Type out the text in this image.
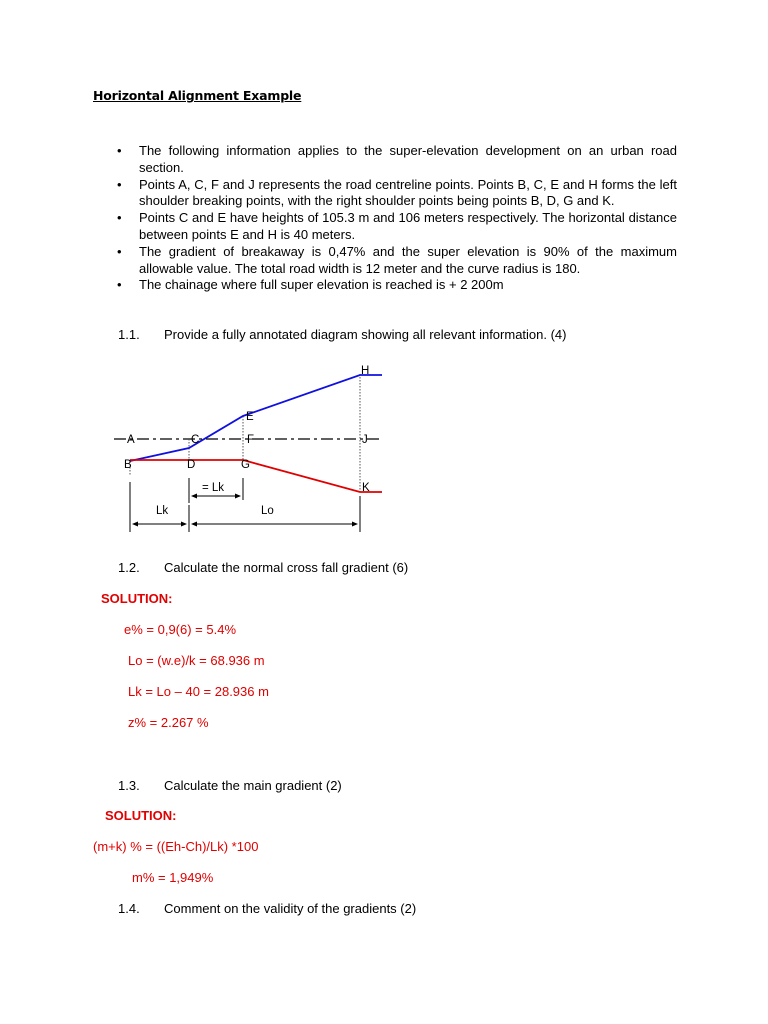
Horizontal Alignment Example
• The following information applies to the super-elevation development on an urban road section.
• Points A, C, F and J represents the road centreline points. Points B, C, E and H forms the left shoulder breaking points, with the right shoulder points being points B, D, G and K.
• Points C and E have heights of 105.3 m and 106 meters respectively. The horizontal distance between points E and H is 40 meters.
• The gradient of breakaway is 0,47% and the super elevation is 90% of the maximum allowable value. The total road width is 12 meter and the curve radius is 180.
• The chainage where full super elevation is reached is + 2 200m
1.1. Provide a fully annotated diagram showing all relevant information. (4)
A
B
C
D
E
F
G
H
J
K
= Lk
Lk	Lo
1.2. Calculate the normal cross fall gradient (6)
SOLUTION:
e% = 0,9(6) = 5.4%
Lo = (w.e)/k = 68.936 m
Lk = Lo – 40 = 28.936 m
z% = 2.267 %
1.3. Calculate the main gradient (2)
SOLUTION:
(m+k) % = ((Eh-Ch)/Lk) *100
m% = 1,949%
1.4. Comment on the validity of the gradients (2)
